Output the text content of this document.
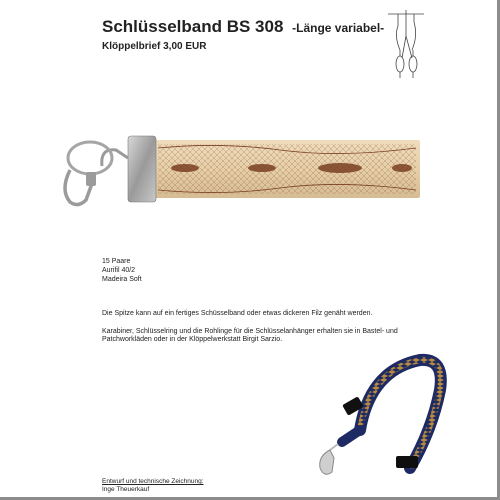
Schlüsselband BS 308 -Länge variabel-
Klöppelbrief 3,00 EUR
15 Paare
Aurifil 40/2
Madeira Soft
Die Spitze kann auf ein fertiges Schüsselband oder etwas dickeren Filz genäht werden.
Karabiner, Schlüsselring und die Rohlinge für die Schlüsselanhänger erhalten sie in Bastel- und Patchworkläden oder in der Klöppelwerkstatt Birgit Sarzio.
Entwurf und technische Zeichnung:
Inge Theuerkauf
